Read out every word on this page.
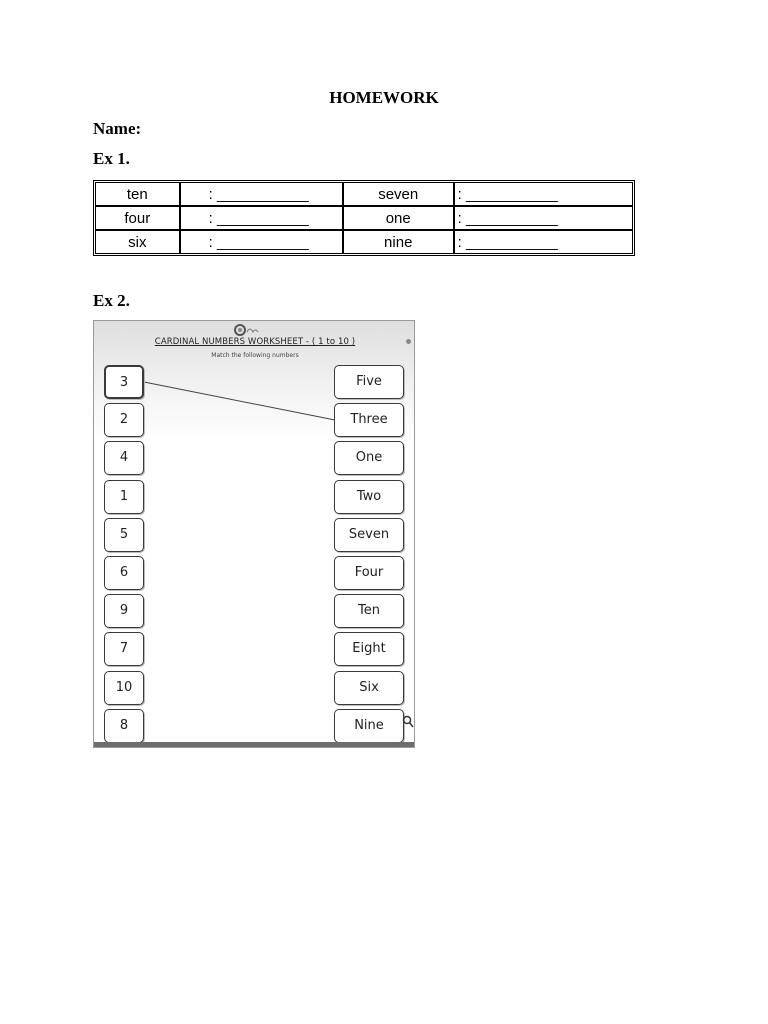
HOMEWORK
Name:
Ex 1.
ten	: ___________	seven	: ___________
four	: ___________	one	: ___________
six	: ___________	nine	: ___________
Ex 2.
CARDINAL NUMBERS WORKSHEET - ( 1 to 10 )
Match the following numbers
3
2
4
1
5
6
9
7
10
8
Five
Three
One
Two
Seven
Four
Ten
Eight
Six
Nine
